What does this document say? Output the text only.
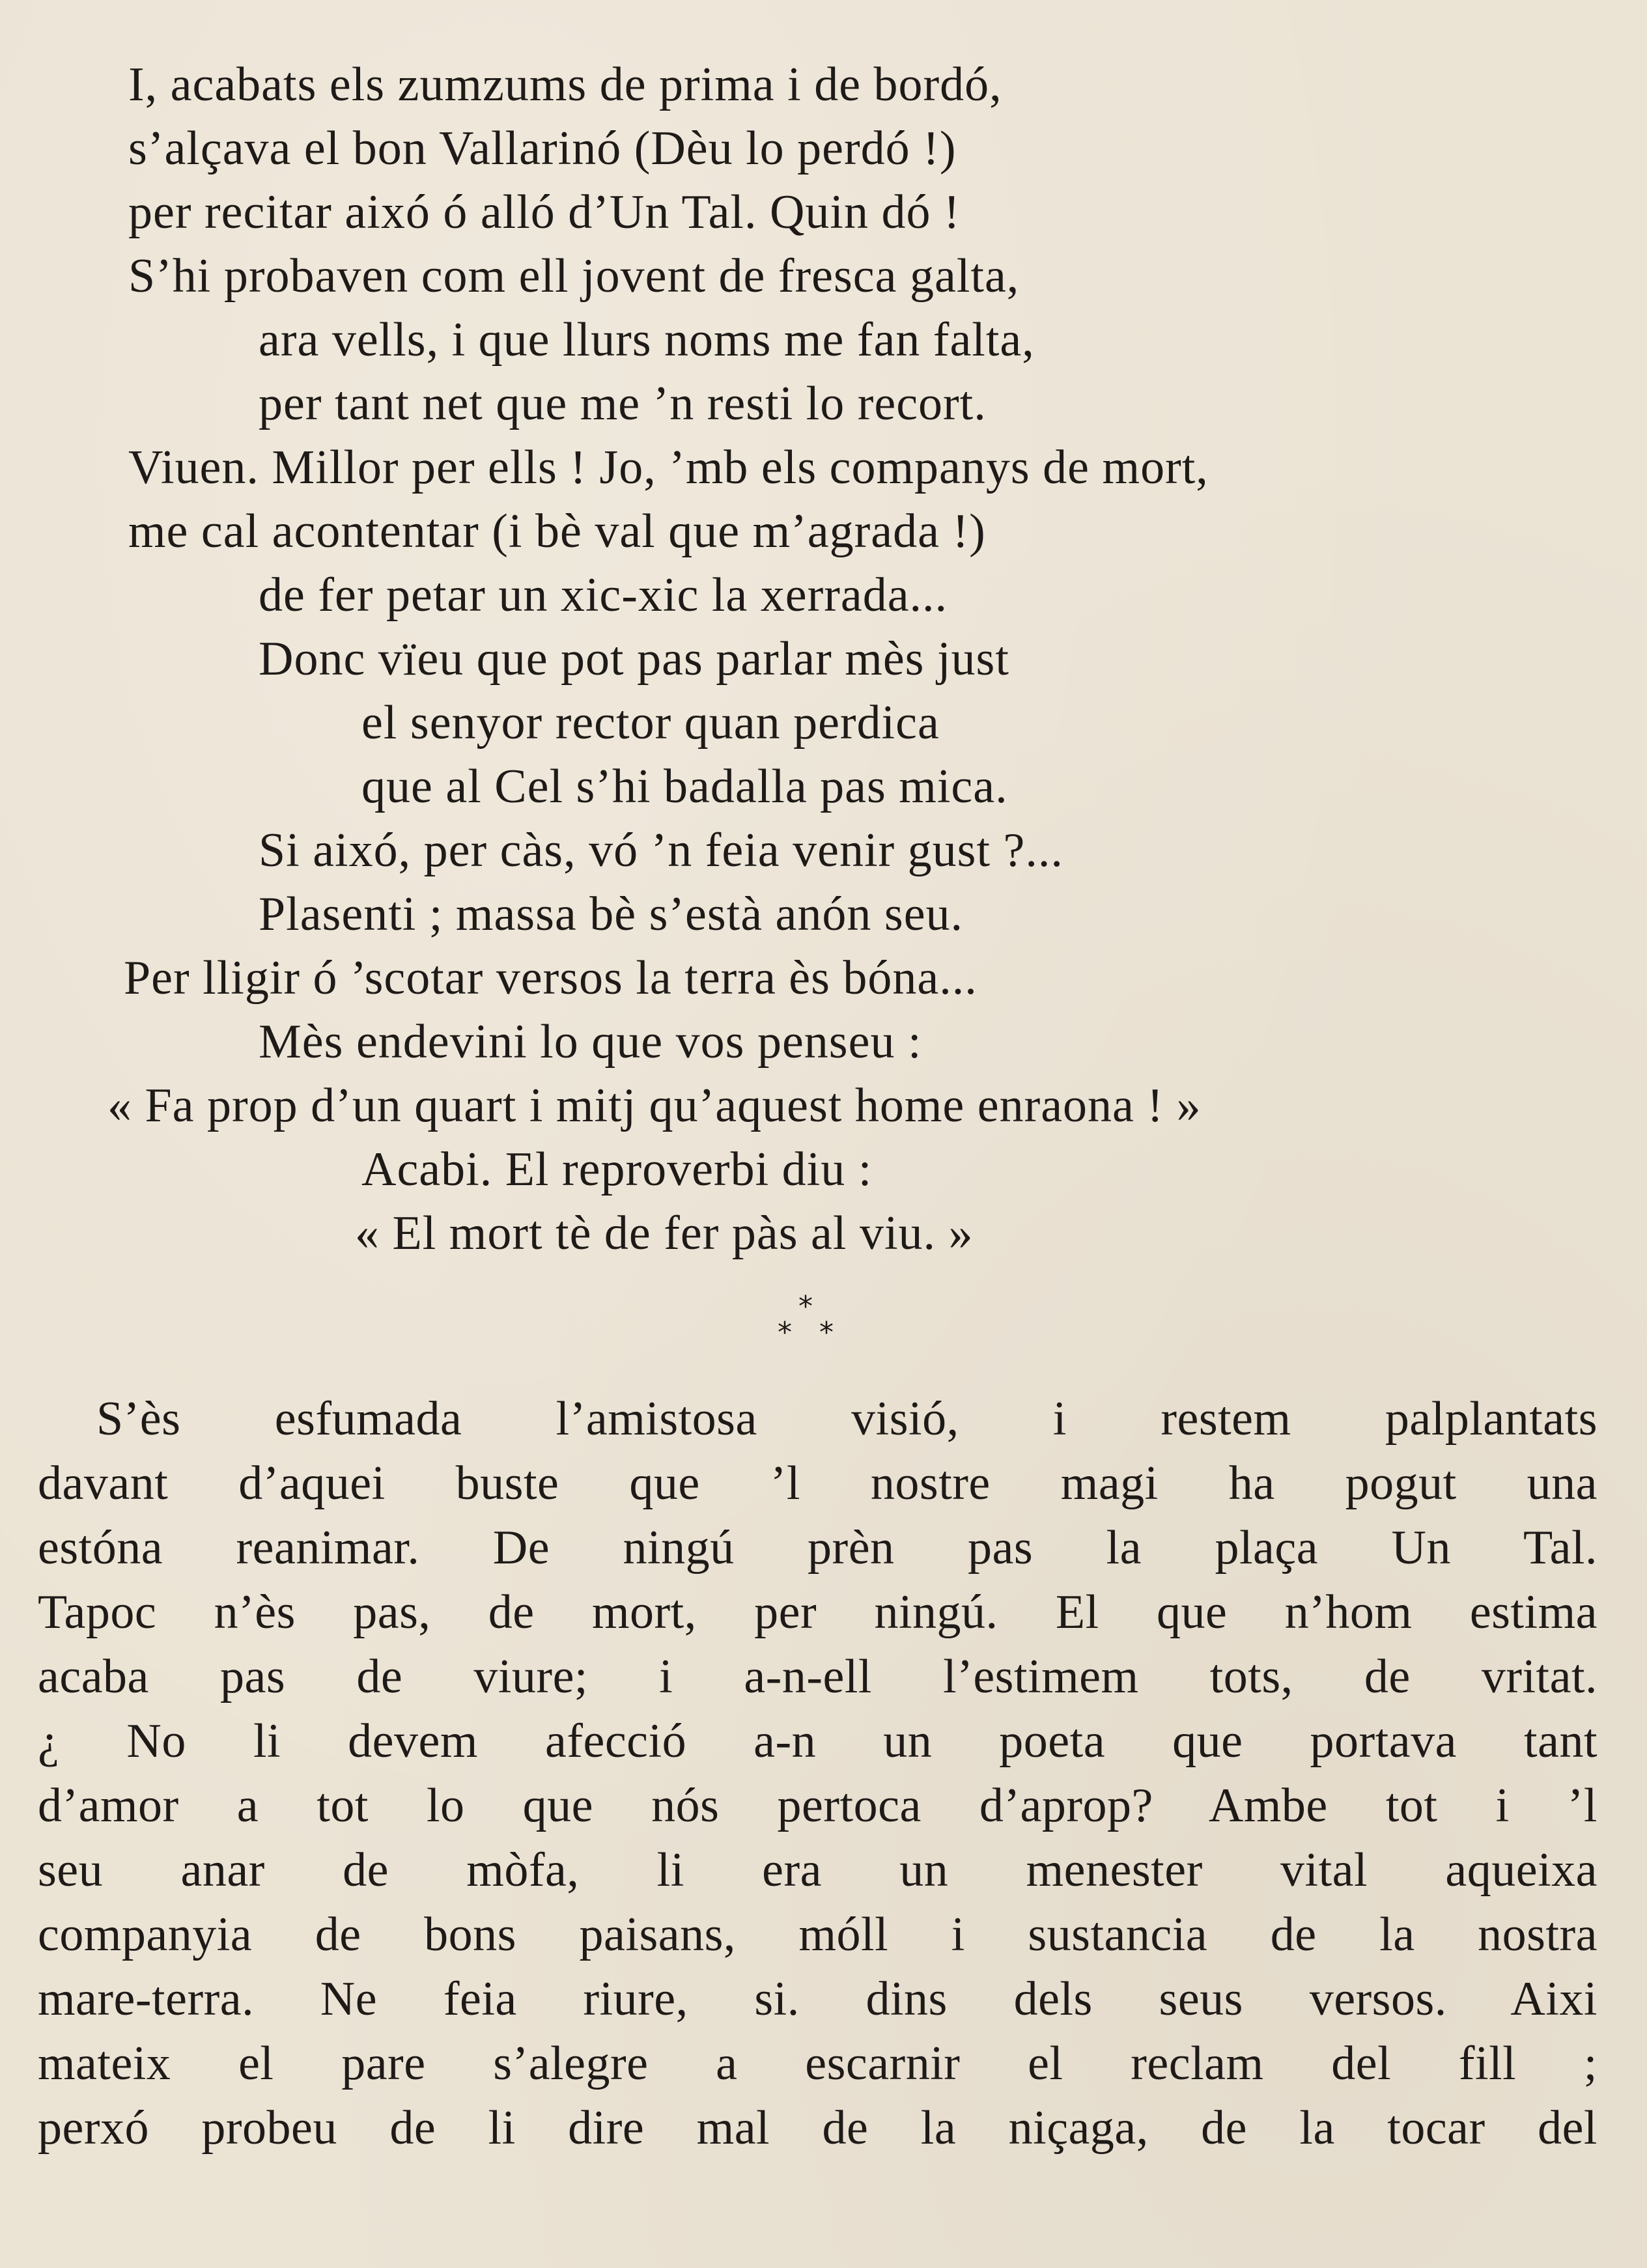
I, acabats els zumzums de prima i de bordó,
s’alçava el bon Vallarinó (Dèu lo perdó !)
per recitar aixó ó alló d’Un Tal. Quin dó !
S’hi probaven com ell jovent de fresca galta,
ara vells, i que llurs noms me fan falta,
per tant net que me ’n resti lo recort.
Viuen. Millor per ells ! Jo, ’mb els companys de mort,
me cal acontentar (i bè val que m’agrada !)
de fer petar un xic-xic la xerrada...
Donc vïeu que pot pas parlar mès just
el senyor rector quan perdica
que al Cel s’hi badalla pas mica.
Si aixó, per càs, vó ’n feia venir gust ?...
Plasenti ; massa bè s’està anón seu.
Per lligir ó ’scotar versos la terra ès bóna...
Mès endevini lo que vos penseu :
« Fa prop d’un quart i mitj qu’aquest home enraona ! »
Acabi. El reproverbi diu :
« El mort tè de fer pàs al viu. »
*
* *
S’ès esfumada l’amistosa visió, i restem palplantats
davant d’aquei buste que ’l nostre magi ha pogut una
estóna reanimar. De ningú prèn pas la plaça Un Tal.
Tapoc n’ès pas, de mort, per ningú. El que n’hom estima
acaba pas de viure; i a-n-ell l’estimem tots, de vritat.
¿ No li devem afecció a-n un poeta que portava tant
d’amor a tot lo que nós pertoca d’aprop? Ambe tot i ’l
seu anar de mòfa, li era un menester vital aqueixa
companyia de bons paisans, móll i sustancia de la nostra
mare-terra. Ne feia riure, si. dins dels seus versos. Aixi
mateix el pare s’alegre a escarnir el reclam del fill ;
perxó probeu de li dire mal de la niçaga, de la tocar del
